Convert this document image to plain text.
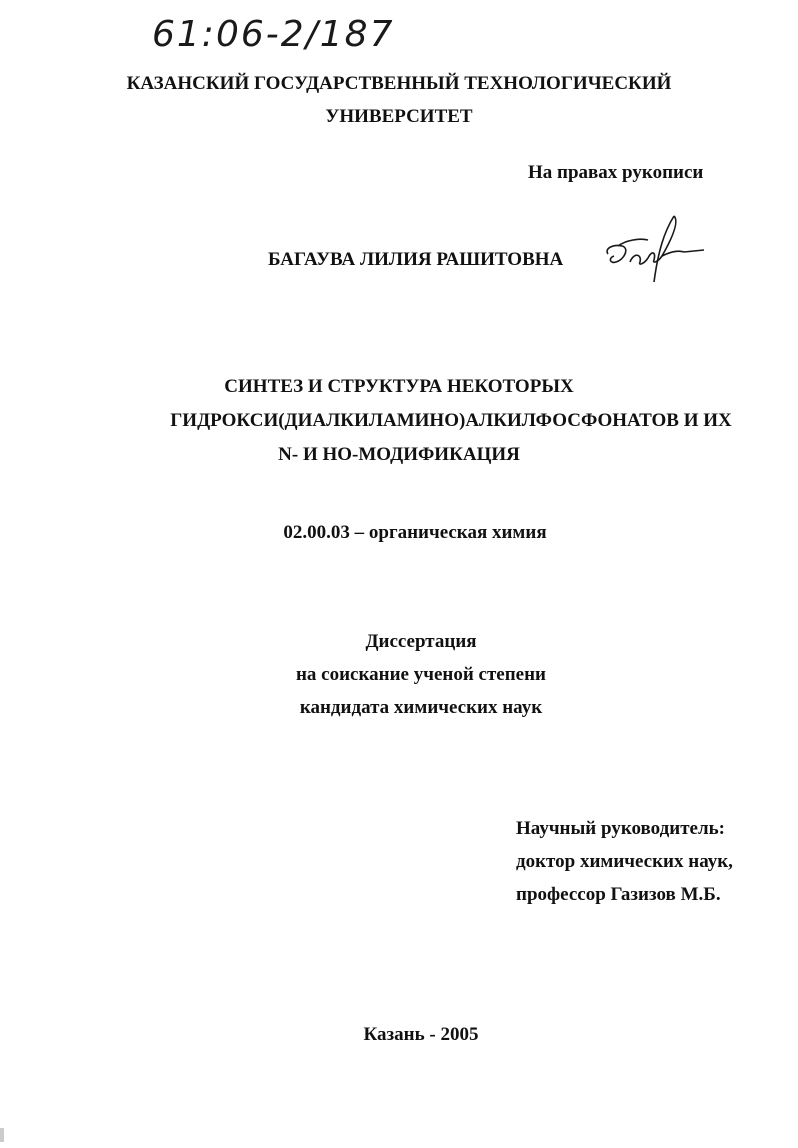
61:06-2/187
КАЗАНСКИЙ ГОСУДАРСТВЕННЫЙ ТЕХНОЛОГИЧЕСКИЙ
УНИВЕРСИТЕТ
На правах рукописи
БАГАУВА ЛИЛИЯ РАШИТОВНА
СИНТЕЗ И СТРУКТУРА НЕКОТОРЫХ
ГИДРОКСИ(ДИАЛКИЛАМИНО)АЛКИЛФОСФОНАТОВ И ИХ
N- И НО-МОДИФИКАЦИЯ
02.00.03 – органическая химия
Диссертация
на соискание ученой степени
кандидата химических наук
Научный руководитель:
доктор химических наук,
профессор Газизов М.Б.
Казань - 2005
